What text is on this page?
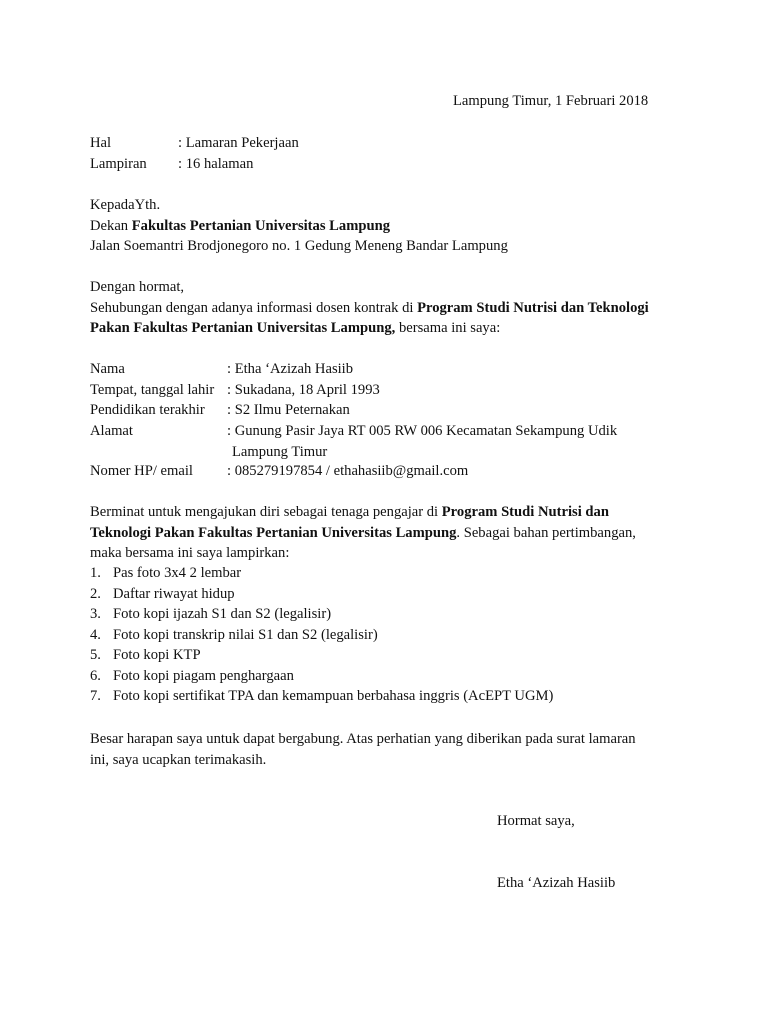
Lampung Timur, 1 Februari 2018
Hal	: Lamaran Pekerjaan
Lampiran : 16 halaman
KepadaYth.
Dekan Fakultas Pertanian Universitas Lampung
Jalan Soemantri Brodjonegoro no. 1 Gedung Meneng Bandar Lampung
Dengan hormat,
Sehubungan dengan adanya informasi dosen kontrak di Program Studi Nutrisi dan Teknologi
Pakan Fakultas Pertanian Universitas Lampung, bersama ini saya:
Nama	: Etha ‘Azizah Hasiib
Tempat, tanggal lahir : Sukadana, 18 April 1993
Pendidikan terakhir : S2 Ilmu Peternakan
Alamat	: Gunung Pasir Jaya RT 005 RW 006 Kecamatan Sekampung Udik
Lampung Timur
Nomer HP/ email : 085279197854 / ethahasiib@gmail.com
Berminat untuk mengajukan diri sebagai tenaga pengajar di Program Studi Nutrisi dan
Teknologi Pakan Fakultas Pertanian Universitas Lampung. Sebagai bahan pertimbangan,
maka bersama ini saya lampirkan:
1. Pas foto 3x4 2 lembar
2. Daftar riwayat hidup
3. Foto kopi ijazah S1 dan S2 (legalisir)
4. Foto kopi transkrip nilai S1 dan S2 (legalisir)
5. Foto kopi KTP
6. Foto kopi piagam penghargaan
7. Foto kopi sertifikat TPA dan kemampuan berbahasa inggris (AcEPT UGM)
Besar harapan saya untuk dapat bergabung. Atas perhatian yang diberikan pada surat lamaran
ini, saya ucapkan terimakasih.
Hormat saya,
Etha ‘Azizah Hasiib
